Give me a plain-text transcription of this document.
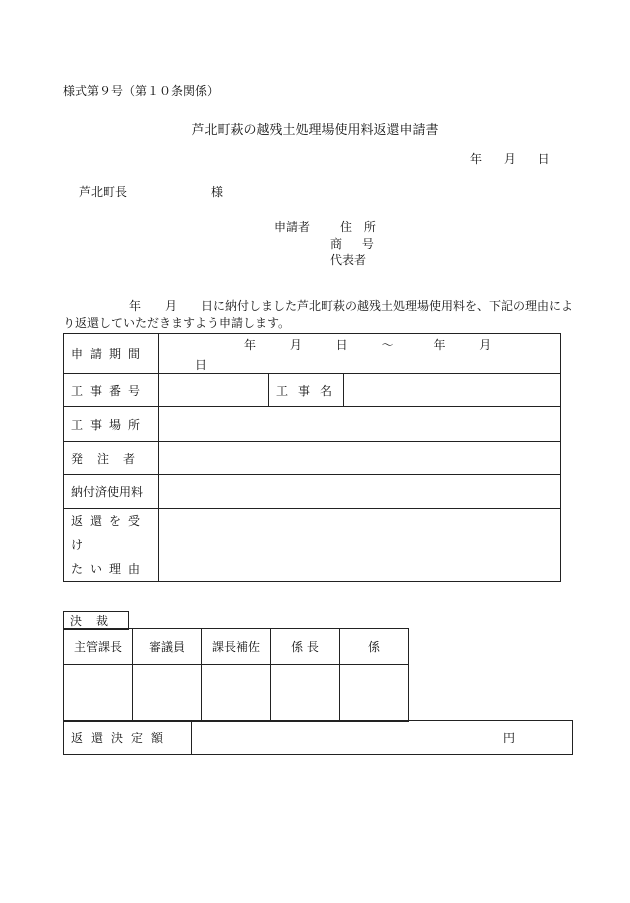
様式第９号（第１０条関係）
芦北町萩の越残土処理場使用料返還申請書
年 月 日
芦北町長	様
申請者 住 所
商 号
代表者
年 月 日に納付しました芦北町萩の越残土処理場使用料を、下記の理由により返還していただきますよう申請します。
申請期間	年 月 日 〜 年 月
日		

工事番号		工事名	
工事場所			
発注者			
納付済使用料			

返還を受け
たい理由			

決裁
主管課長	審議員	課長補佐	係 長	係

返還決定額	円
